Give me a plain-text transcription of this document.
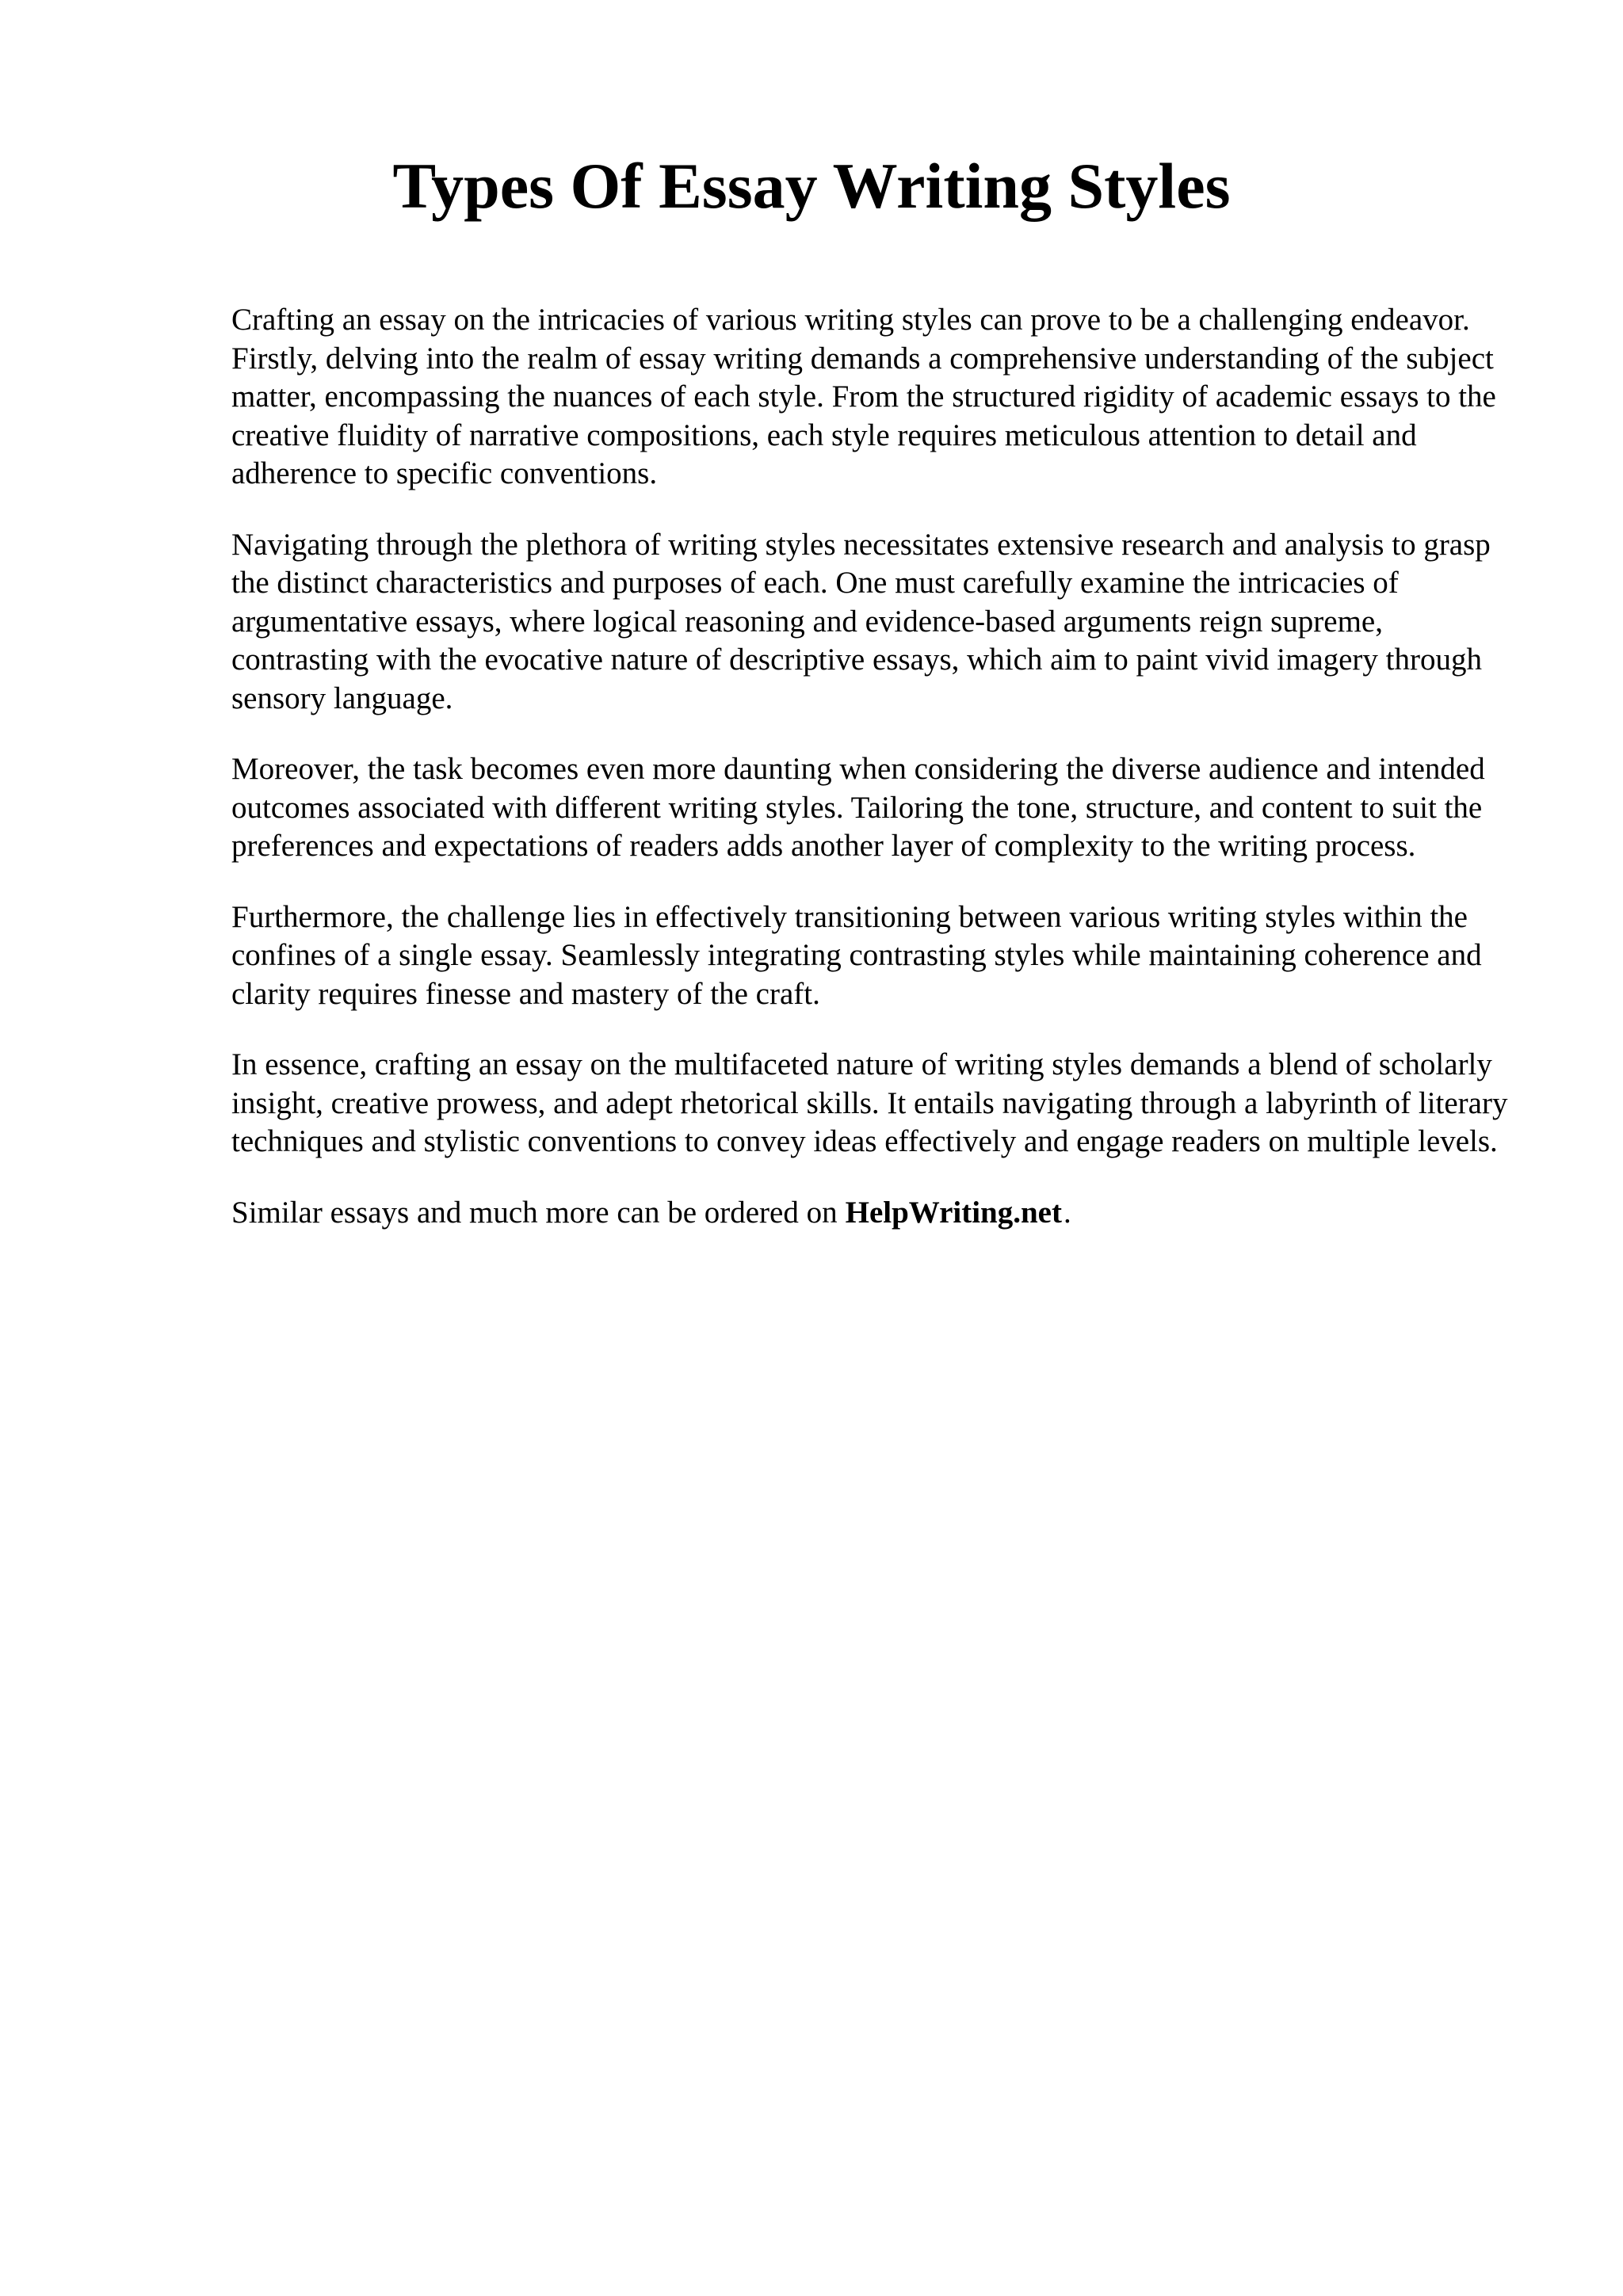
Types Of Essay Writing Styles

Crafting an essay on the intricacies of various writing styles can prove to be a challenging endeavor. Firstly, delving into the realm of essay writing demands a comprehensive understanding of the subject matter, encompassing the nuances of each style. From the structured rigidity of academic essays to the creative fluidity of narrative compositions, each style requires meticulous attention to detail and adherence to specific conventions.

Navigating through the plethora of writing styles necessitates extensive research and analysis to grasp the distinct characteristics and purposes of each. One must carefully examine the intricacies of argumentative essays, where logical reasoning and evidence-based arguments reign supreme, contrasting with the evocative nature of descriptive essays, which aim to paint vivid imagery through sensory language.

Moreover, the task becomes even more daunting when considering the diverse audience and intended outcomes associated with different writing styles. Tailoring the tone, structure, and content to suit the preferences and expectations of readers adds another layer of complexity to the writing process.

Furthermore, the challenge lies in effectively transitioning between various writing styles within the confines of a single essay. Seamlessly integrating contrasting styles while maintaining coherence and clarity requires finesse and mastery of the craft.

In essence, crafting an essay on the multifaceted nature of writing styles demands a blend of scholarly insight, creative prowess, and adept rhetorical skills. It entails navigating through a labyrinth of literary techniques and stylistic conventions to convey ideas effectively and engage readers on multiple levels.

Similar essays and much more can be ordered on HelpWriting.net.
